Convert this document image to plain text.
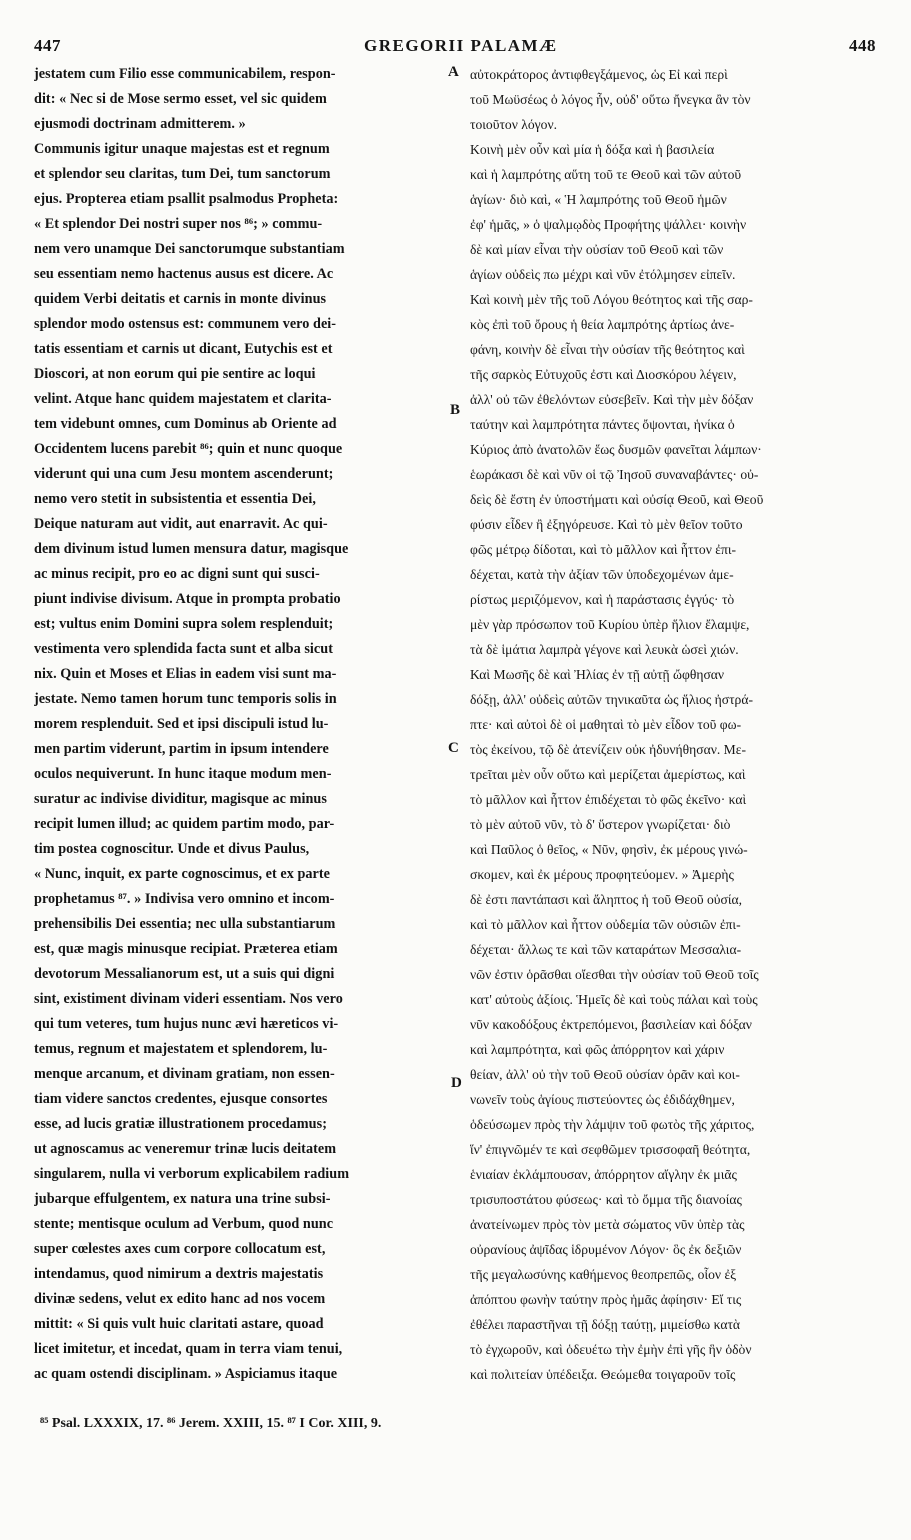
447	GREGORII PALAMÆ	448
jestatem cum Filio esse communicabilem, respon-
dit: « Nec si de Mose sermo esset, vel sic quidem
ejusmodi doctrinam admitterem. »
Communis igitur unaque majestas est et regnum
et splendor seu claritas, tum Dei, tum sanctorum
ejus. Propterea etiam psallit psalmodus Propheta:
« Et splendor Dei nostri super nos ⁸⁶; » commu-
nem vero unamque Dei sanctorumque substantiam
seu essentiam nemo hactenus ausus est dicere. Ac
quidem Verbi deitatis et carnis in monte divinus
splendor modo ostensus est: communem vero dei-
tatis essentiam et carnis ut dicant, Eutychis est et
Dioscori, at non eorum qui pie sentire ac loqui
velint. Atque hanc quidem majestatem et clarita-
tem videbunt omnes, cum Dominus ab Oriente ad
Occidentem lucens parebit ⁸⁶; quin et nunc quoque
viderunt qui una cum Jesu montem ascenderunt;
nemo vero stetit in subsistentia et essentia Dei,
Deique naturam aut vidit, aut enarravit. Ac qui-
dem divinum istud lumen mensura datur, magisque
ac minus recipit, pro eo ac digni sunt qui susci-
piunt indivise divisum. Atque in prompta probatio
est; vultus enim Domini supra solem resplenduit;
vestimenta vero splendida facta sunt et alba sicut
nix. Quin et Moses et Elias in eadem visi sunt ma-
jestate. Nemo tamen horum tunc temporis solis in
morem resplenduit. Sed et ipsi discipuli istud lu-
men partim viderunt, partim in ipsum intendere
oculos nequiverunt. In hunc itaque modum men-
suratur ac indivise dividitur, magisque ac minus
recipit lumen illud; ac quidem partim modo, par-
tim postea cognoscitur. Unde et divus Paulus,
« Nunc, inquit, ex parte cognoscimus, et ex parte
prophetamus ⁸⁷. » Indivisa vero omnino et incom-
prehensibilis Dei essentia; nec ulla substantiarum
est, quæ magis minusque recipiat. Præterea etiam
devotorum Messalianorum est, ut a suis qui digni
sint, existiment divinam videri essentiam. Nos vero
qui tum veteres, tum hujus nunc ævi hæreticos vi-
temus, regnum et majestatem et splendorem, lu-
menque arcanum, et divinam gratiam, non essen-
tiam videre sanctos credentes, ejusque consortes
esse, ad lucis gratiæ illustrationem procedamus;
ut agnoscamus ac veneremur trinæ lucis deitatem
singularem, nulla vi verborum explicabilem radium
jubarque effulgentem, ex natura una trine subsi-
stente; mentisque oculum ad Verbum, quod nunc
super cœlestes axes cum corpore collocatum est,
intendamus, quod nimirum a dextris majestatis
divinæ sedens, velut ex edito hanc ad nos vocem
mittit: « Si quis vult huic claritati astare, quoad
licet imitetur, et incedat, quam in terra viam tenui,
ac quam ostendi disciplinam. » Aspiciamus itaque
αὐτοκράτορος ἀντιφθεγξάμενος, ὡς Εἰ καὶ περὶ
τοῦ Μωϋσέως ὁ λόγος ἦν, οὐδ' οὕτω ἤνεγκα ἂν τὸν
τοιοῦτον λόγον.
Κοινὴ μὲν οὖν καὶ μία ἡ δόξα καὶ ἡ βασιλεία
καὶ ἡ λαμπρότης αὕτη τοῦ τε Θεοῦ καὶ τῶν αὐτοῦ
ἁγίων· διὸ καὶ, « Ἡ λαμπρότης τοῦ Θεοῦ ἡμῶν
ἐφ' ἡμᾶς, » ὁ ψαλμῳδὸς Προφήτης ψάλλει· κοινὴν
δὲ καὶ μίαν εἶναι τὴν οὐσίαν τοῦ Θεοῦ καὶ τῶν
ἁγίων οὐδεὶς πω μέχρι καὶ νῦν ἐτόλμησεν εἰπεῖν.
Καὶ κοινὴ μὲν τῆς τοῦ Λόγου θεότητος καὶ τῆς σαρ-
κὸς ἐπὶ τοῦ ὄρους ἡ θεία λαμπρότης ἀρτίως ἀνε-
φάνη, κοινὴν δὲ εἶναι τὴν οὐσίαν τῆς θεότητος καὶ
τῆς σαρκὸς Εὐτυχοῦς ἐστι καὶ Διοσκόρου λέγειν,
ἀλλ' οὐ τῶν ἐθελόντων εὐσεβεῖν. Καὶ τὴν μὲν δόξαν
ταύτην καὶ λαμπρότητα πάντες ὄψονται, ἡνίκα ὁ
Κύριος ἀπὸ ἀνατολῶν ἕως δυσμῶν φανεῖται λάμπων·
ἑωράκασι δὲ καὶ νῦν οἱ τῷ Ἰησοῦ συναναβάντες· οὐ-
δεὶς δὲ ἔστη ἐν ὑποστήματι καὶ οὐσίᾳ Θεοῦ, καὶ Θεοῦ
φύσιν εἶδεν ἢ ἐξηγόρευσε. Καὶ τὸ μὲν θεῖον τοῦτο
φῶς μέτρῳ δίδοται, καὶ τὸ μᾶλλον καὶ ἧττον ἐπι-
δέχεται, κατὰ τὴν ἀξίαν τῶν ὑποδεχομένων ἀμε-
ρίστως μεριζόμενον, καὶ ἡ παράστασις ἐγγύς· τὸ
μὲν γὰρ πρόσωπον τοῦ Κυρίου ὑπὲρ ἥλιον ἔλαμψε,
τὰ δὲ ἱμάτια λαμπρὰ γέγονε καὶ λευκὰ ὡσεὶ χιών.
Καὶ Μωσῆς δὲ καὶ Ἠλίας ἐν τῇ αὐτῇ ὤφθησαν
δόξῃ, ἀλλ' οὐδεὶς αὐτῶν τηνικαῦτα ὡς ἥλιος ἠστρά-
πτε· καὶ αὐτοὶ δὲ οἱ μαθηταὶ τὸ μὲν εἶδον τοῦ φω-
τὸς ἐκείνου, τῷ δὲ ἀτενίζειν οὐκ ἠδυνήθησαν. Με-
τρεῖται μὲν οὖν οὕτω καὶ μερίζεται ἀμερίστως, καὶ
τὸ μᾶλλον καὶ ἧττον ἐπιδέχεται τὸ φῶς ἐκεῖνο· καὶ
τὸ μὲν αὐτοῦ νῦν, τὸ δ' ὕστερον γνωρίζεται· διὸ
καὶ Παῦλος ὁ θεῖος, « Νῦν, φησὶν, ἐκ μέρους γινώ-
σκομεν, καὶ ἐκ μέρους προφητεύομεν. » Ἀμερὴς
δὲ ἐστι παντάπασι καὶ ἄληπτος ἡ τοῦ Θεοῦ οὐσία,
καὶ τὸ μᾶλλον καὶ ἧττον οὐδεμία τῶν οὐσιῶν ἐπι-
δέχεται· ἄλλως τε καὶ τῶν καταράτων Μεσσαλια-
νῶν ἐστιν ὁρᾶσθαι οἴεσθαι τὴν οὐσίαν τοῦ Θεοῦ τοῖς
κατ' αὐτοὺς ἀξίοις. Ἡμεῖς δὲ καὶ τοὺς πάλαι καὶ τοὺς
νῦν κακοδόξους ἐκτρεπόμενοι, βασιλείαν καὶ δόξαν
καὶ λαμπρότητα, καὶ φῶς ἀπόρρητον καὶ χάριν
θείαν, ἀλλ' οὐ τὴν τοῦ Θεοῦ οὐσίαν ὁρᾶν καὶ κοι-
νωνεῖν τοὺς ἁγίους πιστεύοντες ὡς ἐδιδάχθημεν,
ὁδεύσωμεν πρὸς τὴν λάμψιν τοῦ φωτὸς τῆς χάριτος,
ἵν' ἐπιγνῶμέν τε καὶ σεφθῶμεν τρισσοφαῆ θεότητα,
ἑνιαίαν ἐκλάμπουσαν, ἀπόρρητον αἴγλην ἐκ μιᾶς
τρισυποστάτου φύσεως· καὶ τὸ ὄμμα τῆς διανοίας
ἀνατείνωμεν πρὸς τὸν μετὰ σώματος νῦν ὑπὲρ τὰς
οὐρανίους ἀψῖδας ἱδρυμένον Λόγον· ὃς ἐκ δεξιῶν
τῆς μεγαλωσύνης καθήμενος θεοπρεπῶς, οἷον ἐξ
ἀπόπτου φωνὴν ταύτην πρὸς ἡμᾶς ἀφίησιν· Εἴ τις
ἐθέλει παραστῆναι τῇ δόξῃ ταύτῃ, μιμείσθω κατὰ
τὸ ἐγχωροῦν, καὶ ὁδευέτω τὴν ἐμὴν ἐπὶ γῆς ἣν ὁδὸν
καὶ πολιτείαν ὑπέδειξα. Θεώμεθα τοιγαροῦν τοῖς
A
B
C
D
⁸⁵ Psal. LXXXIX, 17. ⁸⁶ Jerem. XXIII, 15. ⁸⁷ I Cor. XIII, 9.
